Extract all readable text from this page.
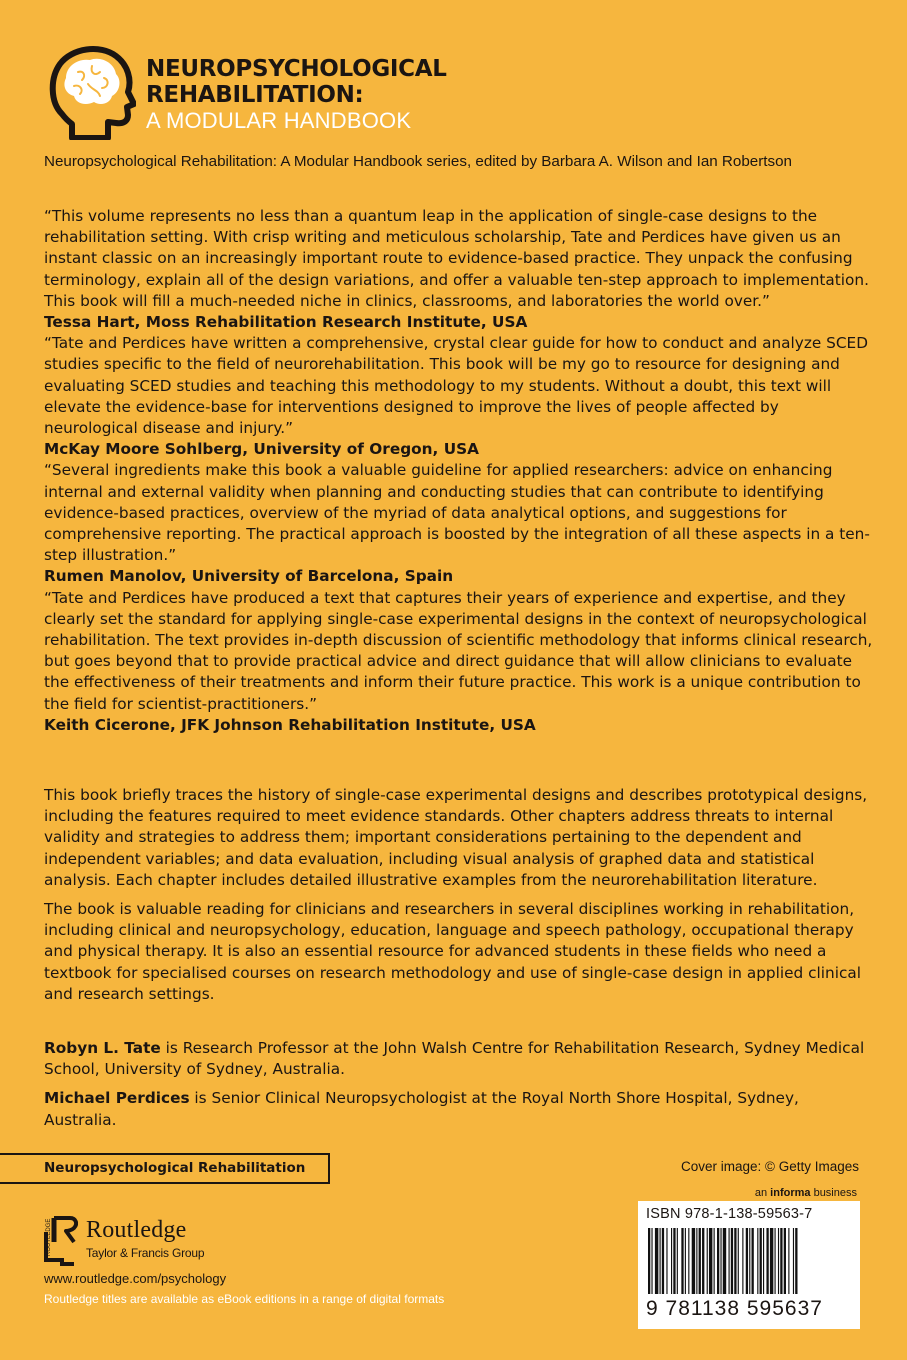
NEUROPSYCHOLOGICAL
REHABILITATION:
A MODULAR HANDBOOK
Neuropsychological Rehabilitation: A Modular Handbook series, edited by Barbara A. Wilson and Ian Robertson

“This volume represents no less than a quantum leap in the application of single-case designs to the rehabilitation setting. With crisp writing and meticulous scholarship, Tate and Perdices have given us an instant classic on an increasingly important route to evidence-based practice. They unpack the confusing terminology, explain all of the design variations, and offer a valuable ten-step approach to implementation. This book will fill a much-needed niche in clinics, classrooms, and laboratories the world over.”

Tessa Hart, Moss Rehabilitation Research Institute, USA

“Tate and Perdices have written a comprehensive, crystal clear guide for how to conduct and analyze SCED studies specific to the field of neurorehabilitation. This book will be my go to resource for designing and evaluating SCED studies and teaching this methodology to my students. Without a doubt, this text will elevate the evidence-base for interventions designed to improve the lives of people affected by neurological disease and injury.”

McKay Moore Sohlberg, University of Oregon, USA

“Several ingredients make this book a valuable guideline for applied researchers: advice on enhancing internal and external validity when planning and conducting studies that can contribute to identifying evidence-based practices, overview of the myriad of data analytical options, and suggestions for comprehensive reporting. The practical approach is boosted by the integration of all these aspects in a ten-step illustration.”

Rumen Manolov, University of Barcelona, Spain

“Tate and Perdices have produced a text that captures their years of experience and expertise, and they clearly set the standard for applying single-case experimental designs in the context of neuropsychological rehabilitation. The text provides in-depth discussion of scientific methodology that informs clinical research, but goes beyond that to provide practical advice and direct guidance that will allow clinicians to evaluate the effectiveness of their treatments and inform their future practice. This work is a unique contribution to the field for scientist-practitioners.”

Keith Cicerone, JFK Johnson Rehabilitation Institute, USA

This book briefly traces the history of single-case experimental designs and describes prototypical designs, including the features required to meet evidence standards. Other chapters address threats to internal validity and strategies to address them; important considerations pertaining to the dependent and independent variables; and data evaluation, including visual analysis of graphed data and statistical analysis. Each chapter includes detailed illustrative examples from the neurorehabilitation literature.

The book is valuable reading for clinicians and researchers in several disciplines working in rehabilitation, including clinical and neuropsychology, education, language and speech pathology, occupational therapy and physical therapy. It is also an essential resource for advanced students in these fields who need a textbook for specialised courses on research methodology and use of single-case design in applied clinical and research settings.

Robyn L. Tate is Research Professor at the John Walsh Centre for Rehabilitation Research, Sydney Medical School, University of Sydney, Australia.

Michael Perdices is Senior Clinical Neuropsychologist at the Royal North Shore Hospital, Sydney, Australia.

Neuropsychological Rehabilitation	Cover image: © Getty Images
an informa business
ISBN 978-1-138-59563-7
9 781138 595637
ROUTLEDGE Routledge
Taylor & Francis Group
www.routledge.com/psychology
Routledge titles are available as eBook editions in a range of digital formats
